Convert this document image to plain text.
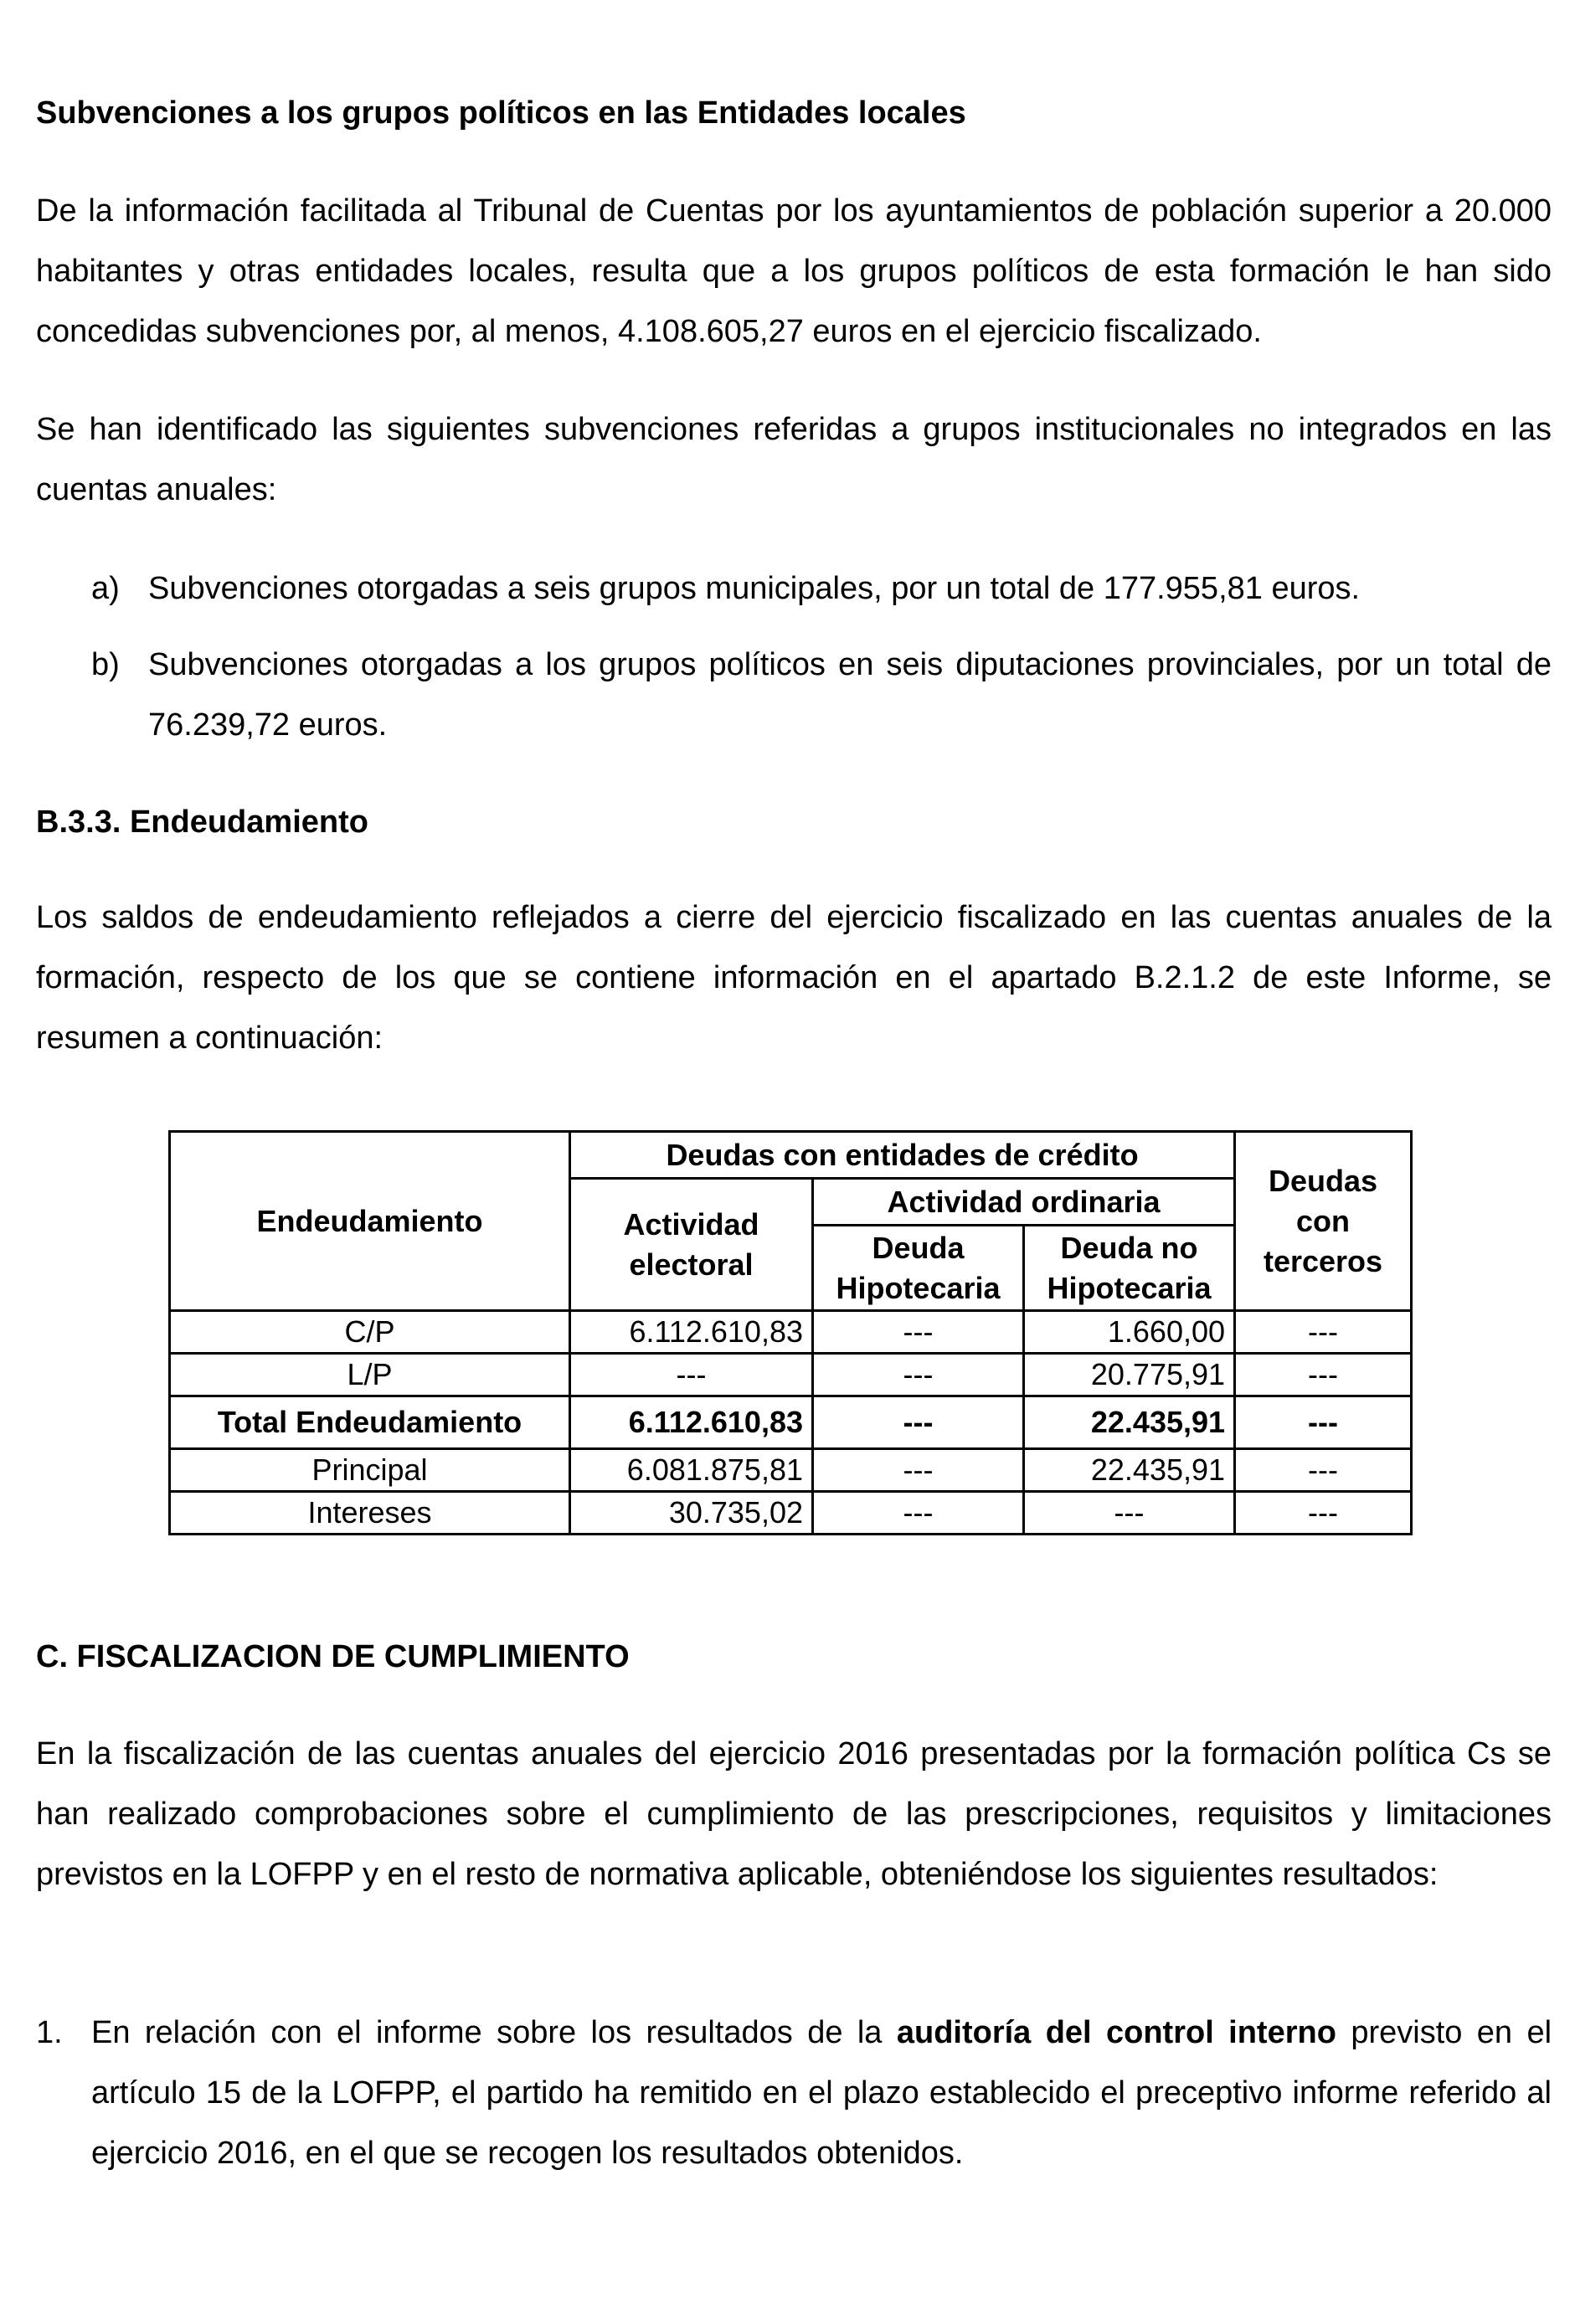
Subvenciones a los grupos políticos en las Entidades locales
De la información facilitada al Tribunal de Cuentas por los ayuntamientos de población superior a 20.000 habitantes y otras entidades locales, resulta que a los grupos políticos de esta formación le han sido concedidas subvenciones por, al menos, 4.108.605,27 euros en el ejercicio fiscalizado.
Se han identificado las siguientes subvenciones referidas a grupos institucionales no integrados en las cuentas anuales:
a) Subvenciones otorgadas a seis grupos municipales, por un total de 177.955,81 euros.
b) Subvenciones otorgadas a los grupos políticos en seis diputaciones provinciales, por un total de 76.239,72 euros.
B.3.3. Endeudamiento
Los saldos de endeudamiento reflejados a cierre del ejercicio fiscalizado en las cuentas anuales de la formación, respecto de los que se contiene información en el apartado B.2.1.2 de este Informe, se resumen a continuación:
Endeudamiento	Deudas con entidades de crédito			Deudas con terceros
	Actividad electoral	Actividad ordinaria		
		Deuda Hipotecaria	Deuda no Hipotecaria	
C/P	6.112.610,83	---	1.660,00	---
L/P	---	---	20.775,91	---
Total Endeudamiento	6.112.610,83	---	22.435,91	---
Principal	6.081.875,81	---	22.435,91	---
Intereses	30.735,02	---	---	---
C. FISCALIZACION DE CUMPLIMIENTO
En la fiscalización de las cuentas anuales del ejercicio 2016 presentadas por la formación política Cs se han realizado comprobaciones sobre el cumplimiento de las prescripciones, requisitos y limitaciones previstos en la LOFPP y en el resto de normativa aplicable, obteniéndose los siguientes resultados:
1. En relación con el informe sobre los resultados de la auditoría del control interno previsto en el artículo 15 de la LOFPP, el partido ha remitido en el plazo establecido el preceptivo informe referido al ejercicio 2016, en el que se recogen los resultados obtenidos.
